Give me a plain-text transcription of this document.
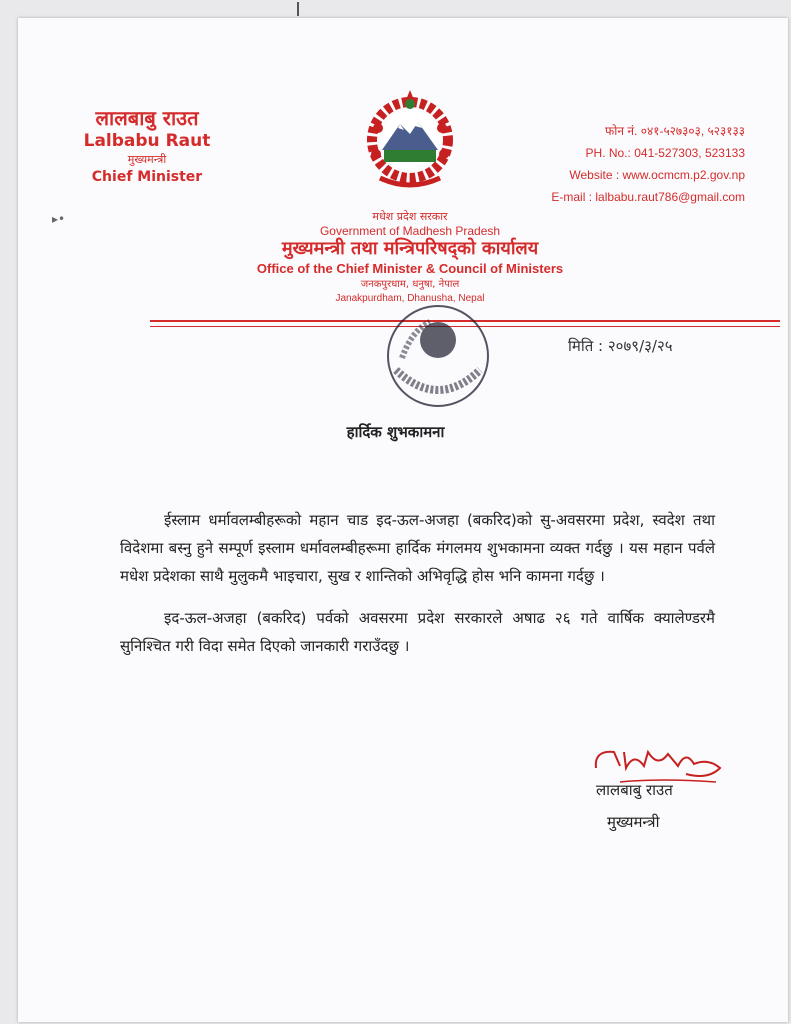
लालबाबु राउत
Lalbabu Raut
मुख्यमन्त्री
Chief Minister
▸•
फोन नं. ०४१-५२७३०३, ५२३१३३
PH. No.: 041-527303, 523133
Website : www.ocmcm.p2.gov.np
E-mail : lalbabu.raut786@gmail.com
मधेश प्रदेश सरकार
Government of Madhesh Pradesh
मुख्यमन्त्री तथा मन्त्रिपरिषद्को कार्यालय
Office of the Chief Minister & Council of Ministers
जनकपुरधाम, धनुषा, नेपाल
Janakpurdham, Dhanusha, Nepal
मिति : २०७९/३/२५
हार्दिक शुभकामना

ईस्लाम धर्मावलम्बीहरूको महान चाड इद-ऊल-अजहा (बकरिद)को सु-अवसरमा प्रदेश, स्वदेश तथा विदेशमा बस्नु हुने सम्पूर्ण इस्लाम धर्मावलम्बीहरूमा हार्दिक मंगलमय शुभकामना व्यक्त गर्दछु । यस महान पर्वले मधेश प्रदेशका साथै मुलुकमै भाइचारा, सुख र शान्तिको अभिवृद्धि होस भनि कामना गर्दछु ।

इद-ऊल-अजहा (बकरिद) पर्वको अवसरमा प्रदेश सरकारले अषाढ २६ गते वार्षिक क्यालेण्डरमै सुनिश्चित गरी विदा समेत दिएको जानकारी गराउँदछु ।

लालबाबु राउत
मुख्यमन्त्री
